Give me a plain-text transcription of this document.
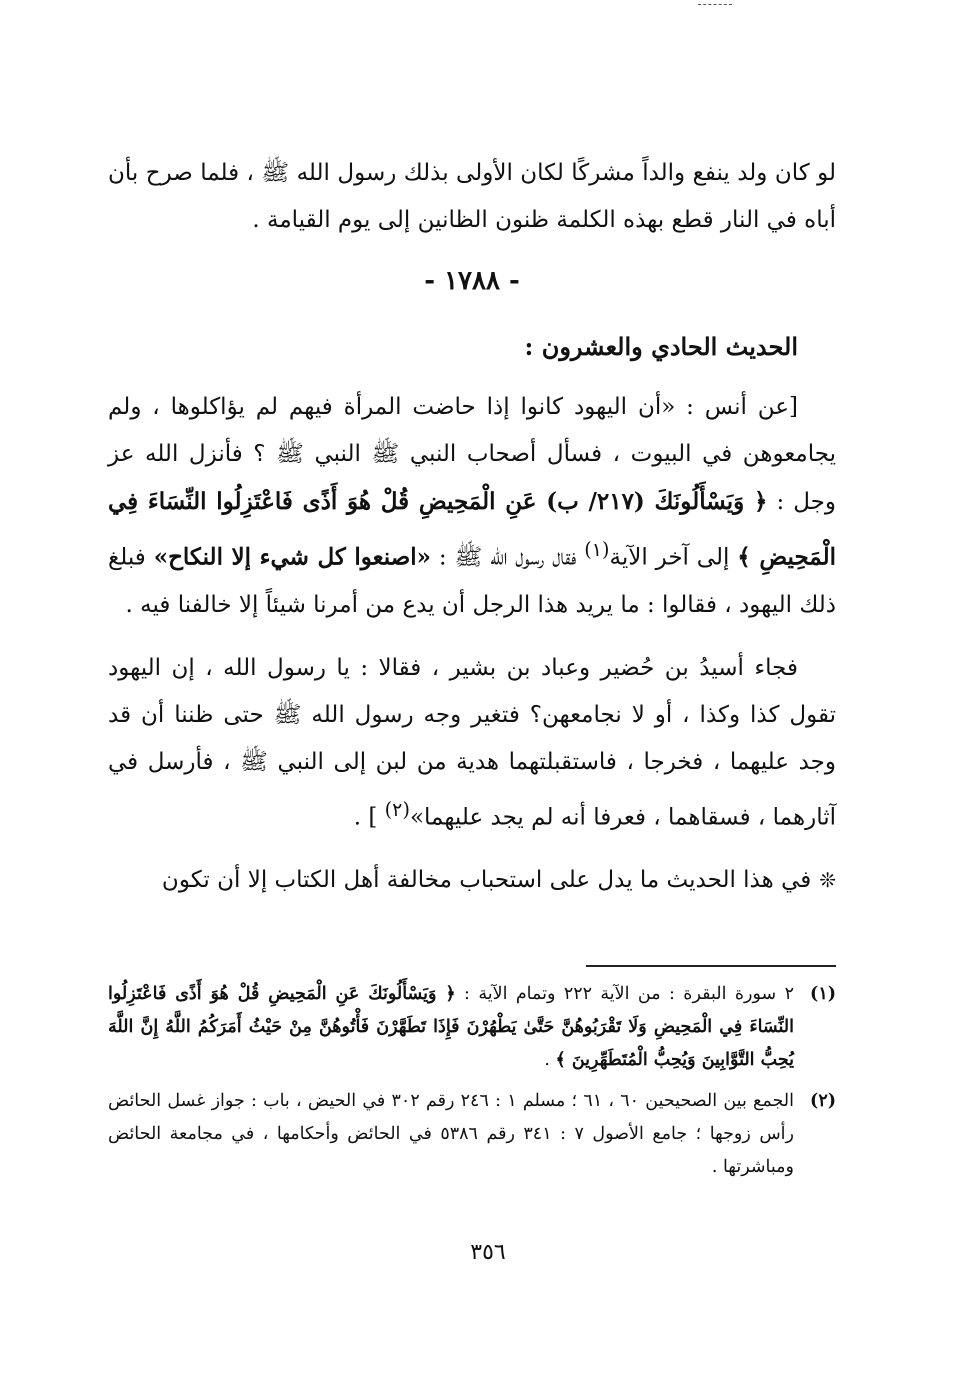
لو كان ولد ينفع والداً مشركًا لكان الأولى بذلك رسول الله ﷺ ، فلما صرح بأن أباه في النار قطع بهذه الكلمة ظنون الظانين إلى يوم القيامة .

- ١٧٨٨ -

الحديث الحادي والعشرون :

[عن أنس : «أن اليهود كانوا إذا حاضت المرأة فيهم لم يؤاكلوها ، ولم يجامعوهن في البيوت ، فسأل أصحاب النبي ﷺ النبي ﷺ ؟ فأنزل الله عز وجل : ﴿ وَيَسْأَلُونَكَ (٢١٧/ ب) عَنِ الْمَحِيضِ قُلْ هُوَ أَذًى فَاعْتَزِلُوا النِّسَاءَ فِي الْمَحِيضِ ﴾ إلى آخر الآية$^{(١)}$ فقال رسول الله ﷺ : «اصنعوا كل شيء إلا النكاح» فبلغ ذلك اليهود ، فقالوا : ما يريد هذا الرجل أن يدع من أمرنا شيئاً إلا خالفنا فيه .

فجاء أسيدُ بن حُضير وعباد بن بشير ، فقالا : يا رسول الله ، إن اليهود تقول كذا وكذا ، أو لا نجامعهن؟ فتغير وجه رسول الله ﷺ حتى ظننا أن قد وجد عليهما ، فخرجا ، فاستقبلتهما هدية من لبن إلى النبي ﷺ ، فأرسل في آثارهما ، فسقاهما ، فعرفا أنه لم يجد عليهما»$^{(٢)}$ ] .

❊في هذا الحديث ما يدل على استحباب مخالفة أهل الكتاب إلا أن تكون

(١)
٢ سورة البقرة : من الآية ٢٢٢ وتمام الآية : ﴿ وَيَسْأَلُونَكَ عَنِ الْمَحِيضِ قُلْ هُوَ أَذًى فَاعْتَزِلُوا النِّسَاءَ فِي الْمَحِيضِ وَلَا تَقْرَبُوهُنَّ حَتَّىٰ يَطْهُرْنَ فَإِذَا تَطَهَّرْنَ فَأْتُوهُنَّ مِنْ حَيْثُ أَمَرَكُمُ اللَّهُ إِنَّ اللَّهَ يُحِبُّ التَّوَّابِينَ وَيُحِبُّ الْمُتَطَهِّرِينَ ﴾ .
(٢)
الجمع بين الصحيحين ٦٠ ، ٦١ ؛ مسلم ١ : ٢٤٦ رقم ٣٠٢ في الحيض ، باب : جواز غسل الحائض رأس زوجها ؛ جامع الأصول ٧ : ٣٤١ رقم ٥٣٨٦ في الحائض وأحكامها ، في مجامعة الحائض ومباشرتها .
٣٥٦
